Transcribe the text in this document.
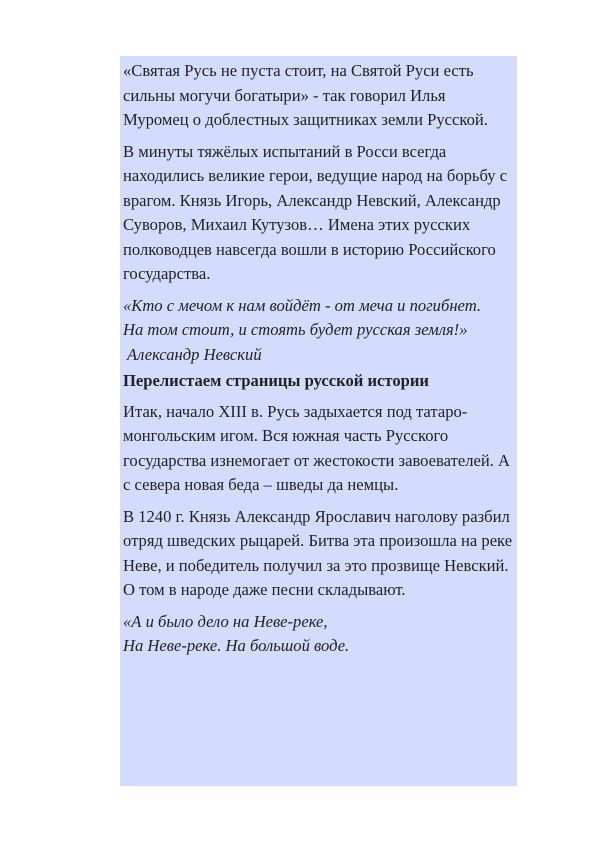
«Святая Русь не пуста стоит, на Святой Руси есть сильны могучи богатыри» - так говорил Илья Муромец о доблестных защитниках земли Русской.

В минуты тяжёлых испытаний в Росси всегда находились великие герои, ведущие народ на борьбу с врагом. Князь Игорь, Александр Невский, Александр Суворов, Михаил Кутузов… Имена этих русских полководцев навсегда вошли в историю Российского государства.

«Кто с мечом к нам войдёт - от меча и погибнет.
На том стоит, и стоять будет русская земля!»

Александр Невский

Перелистаем страницы русской истории

Итак, начало XIII в. Русь задыхается под татаро-монгольским игом. Вся южная часть Русского государства изнемогает от жестокости завоевателей. А с севера новая беда – шведы да немцы.

В 1240 г. Князь Александр Ярославич наголову разбил отряд шведских рыцарей. Битва эта произошла на реке Неве, и победитель получил за это прозвище Невский. О том в народе даже песни складывают.

«А и было дело на Неве-реке,
На Неве-реке. На большой воде.
